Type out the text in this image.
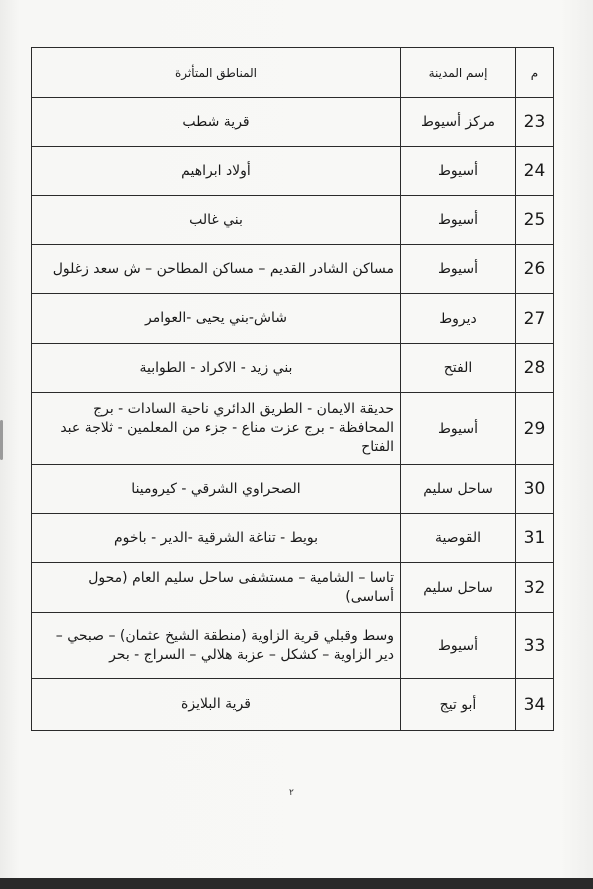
م	إسم المدينة	المناطق المتأثرة
23	مركز أسيوط	قرية شطب
24	أسيوط	أولاد ابراهيم
25	أسيوط	بني غالب
26	أسيوط	مساكن الشادر القديم – مساكن المطاحن – ش سعد زغلول
27	ديروط	شاش-بني يحيى -العوامر
28	الفتح	بني زيد - الاكراد - الطوابية
29	أسيوط	حديقة الايمان - الطريق الدائري ناحية السادات - برج المحافظة - برج عزت مناع - جزء من المعلمين - ثلاجة عبد الفتاح
30	ساحل سليم	الصحراوي الشرقي - كيرومينا
31	القوصية	بويط - تناغة الشرقية -الدير - باخوم
32	ساحل سليم	تاسا – الشامية – مستشفى ساحل سليم العام (محول أساسى)
33	أسيوط	وسط وقبلي قرية الزاوية (منطقة الشيخ عثمان) – صبحي – دير الزاوية – كشكل – عزبة هلالي – السراج - بحر
34	أبو تيج	قرية البلايزة
٢
